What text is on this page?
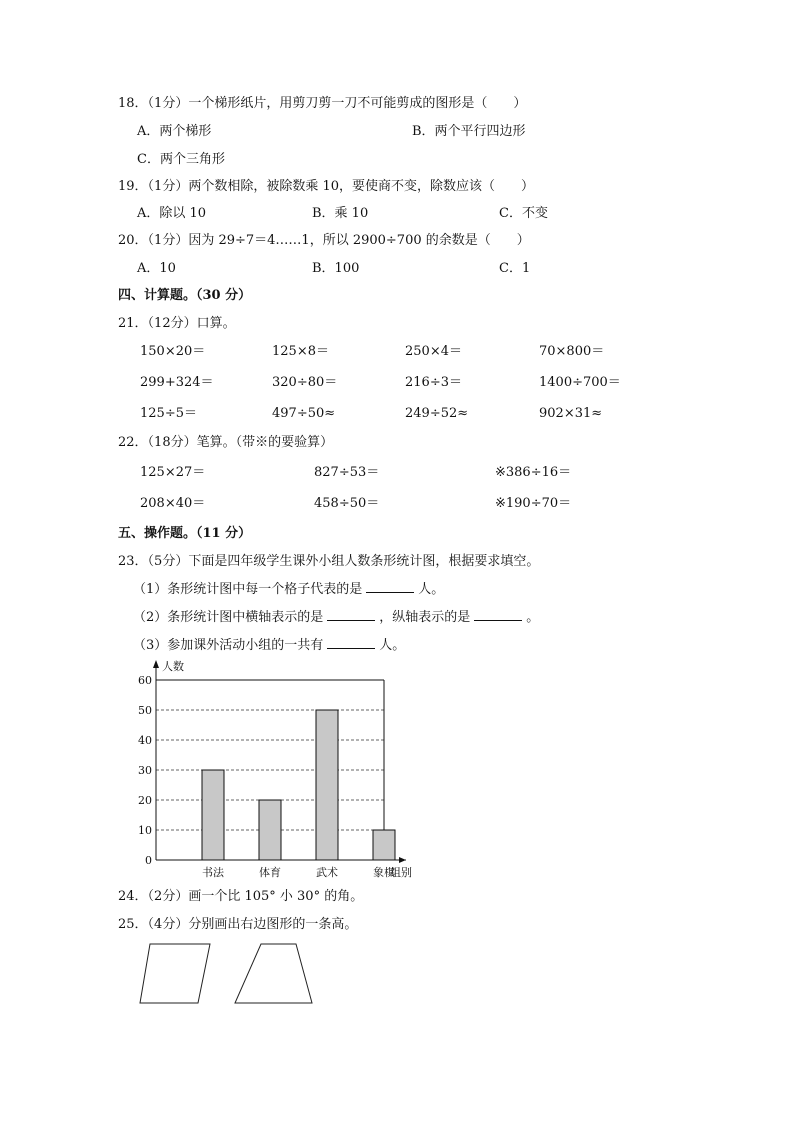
18．（1分）一个梯形纸片，用剪刀剪一刀不可能剪成的图形是（　　）
A．两个梯形	B．两个平行四边形
C．两个三角形
19．（1分）两个数相除，被除数乘 10，要使商不变，除数应该（　　）
A．除以 10	B．乘 10	C．不变
20．（1分）因为 29÷7＝4……1，所以 2900÷700 的余数是（　　）
A．10	B．100	C．1
四、计算题。（30 分）
21．（12分）口算。
150×20＝	125×8＝	250×4＝	70×800＝
299+324＝	320÷80＝	216÷3＝	1400÷700＝
125÷5＝	497÷50≈	249÷52≈	902×31≈
22．（18分）笔算。（带※的要验算）
125×27＝	827÷53＝	※386÷16＝
208×40＝	458÷50＝	※190÷70＝
五、操作题。（11 分）
23．（5分）下面是四年级学生课外小组人数条形统计图，根据要求填空。
（1）条形统计图中每一个格子代表的是	人。
（2）条形统计图中横轴表示的是	，纵轴表示的是	。
（3）参加课外活动小组的一共有	人。
0
10
20
30
40
50
60
书法	体育	武术	象棋
人数
组别
24．（2分）画一个比 105° 小 30° 的角。
25．（4分）分别画出右边图形的一条高。
